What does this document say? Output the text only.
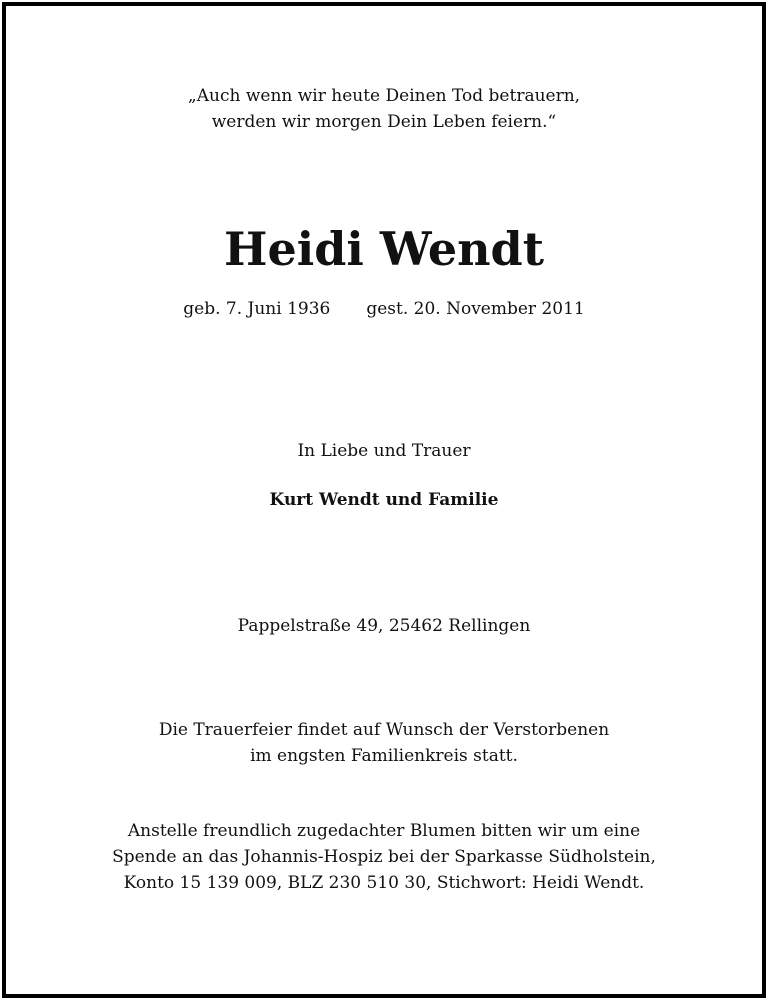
„Auch wenn wir heute Deinen Tod betrauern,
werden wir morgen Dein Leben feiern.“
Heidi Wendt
geb. 7. Juni 1936 gest. 20. November 2011
In Liebe und Trauer
Kurt Wendt und Familie
Pappelstraße 49, 25462 Rellingen
Die Trauerfeier findet auf Wunsch der Verstorbenen
im engsten Familienkreis statt.
Anstelle freundlich zugedachter Blumen bitten wir um eine
Spende an das Johannis-Hospiz bei der Sparkasse Südholstein,
Konto 15 139 009, BLZ 230 510 30, Stichwort: Heidi Wendt.
